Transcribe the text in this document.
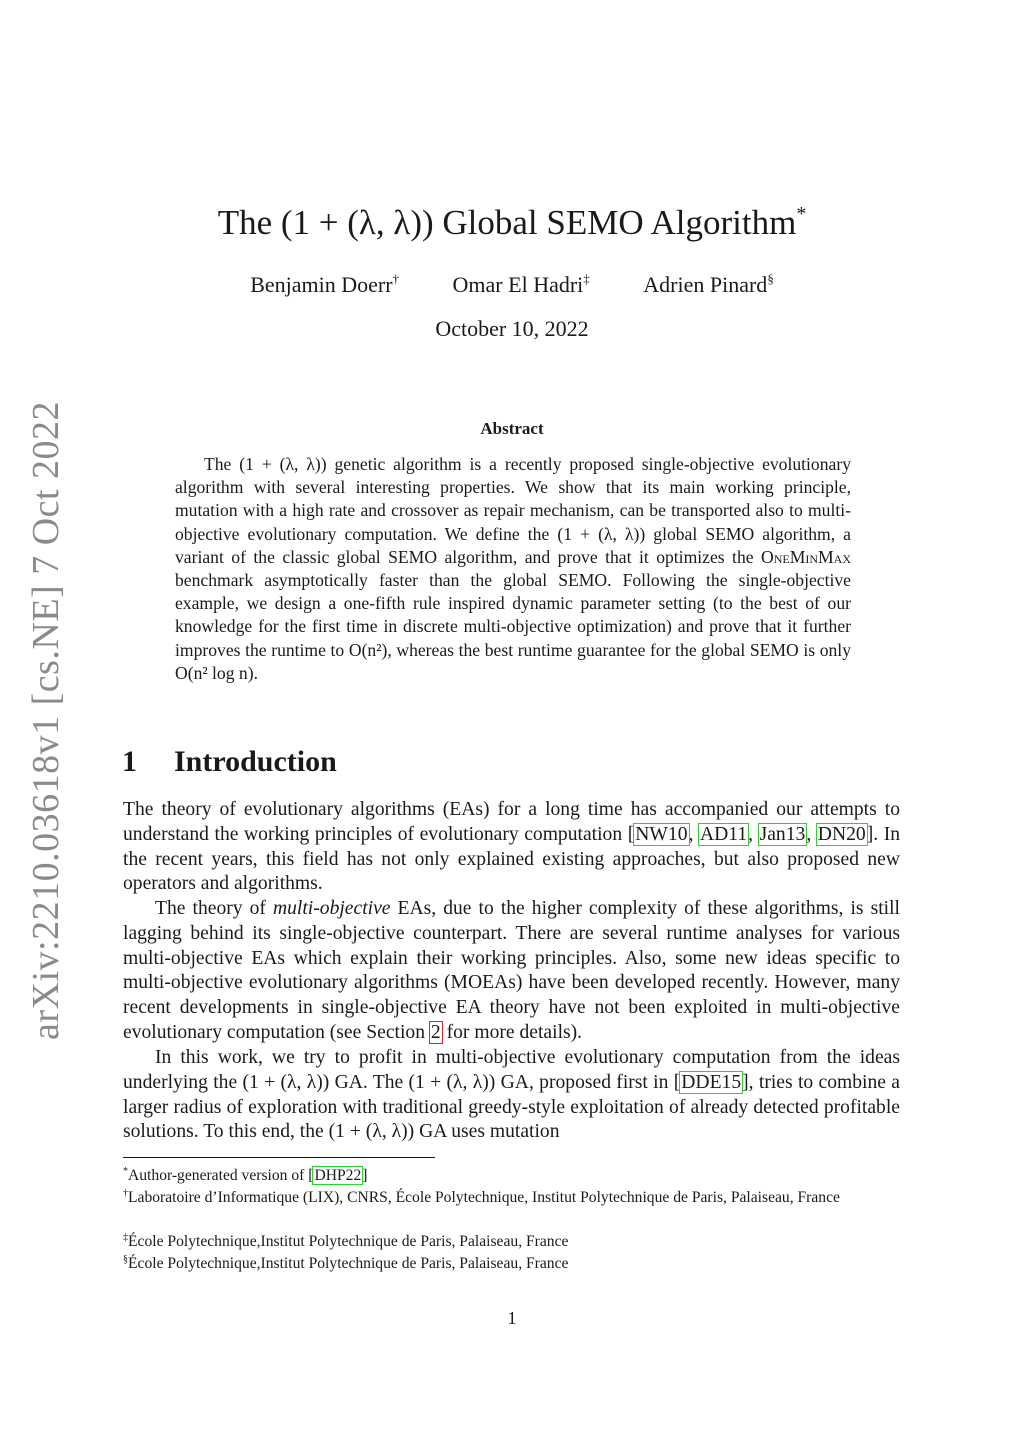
arXiv:2210.03618v1 [cs.NE] 7 Oct 2022
The (1 + (λ, λ)) Global SEMO Algorithm*
Benjamin Doerr† Omar El Hadri‡ Adrien Pinard§
October 10, 2022
Abstract

The (1 + (λ, λ)) genetic algorithm is a recently proposed single-objective evolutionary algorithm with several interesting properties. We show that its main working principle, mutation with a high rate and crossover as repair mechanism, can be transported also to multi-objective evolutionary computation. We define the (1 + (λ, λ)) global SEMO algorithm, a variant of the classic global SEMO algorithm, and prove that it optimizes the OneMinMax benchmark asymptotically faster than the global SEMO. Following the single-objective example, we design a one-fifth rule inspired dynamic parameter setting (to the best of our knowledge for the first time in discrete multi-objective optimization) and prove that it further improves the runtime to O(n²), whereas the best runtime guarantee for the global SEMO is only O(n² log n).

1 Introduction

The theory of evolutionary algorithms (EAs) for a long time has accompanied our attempts to understand the working principles of evolutionary computation [NW10, AD11, Jan13, DN20]. In the recent years, this field has not only explained existing approaches, but also proposed new operators and algorithms.

The theory of multi-objective EAs, due to the higher complexity of these algorithms, is still lagging behind its single-objective counterpart. There are several runtime analyses for various multi-objective EAs which explain their working principles. Also, some new ideas specific to multi-objective evolutionary algorithms (MOEAs) have been developed recently. However, many recent developments in single-objective EA theory have not been exploited in multi-objective evolutionary computation (see Section 2 for more details).

In this work, we try to profit in multi-objective evolutionary computation from the ideas underlying the (1 + (λ, λ)) GA. The (1 + (λ, λ)) GA, proposed first in [DDE15], tries to combine a larger radius of exploration with traditional greedy-style exploitation of already detected profitable solutions. To this end, the (1 + (λ, λ)) GA uses mutation

*Author-generated version of [DHP22]

†Laboratoire d’Informatique (LIX), CNRS, École Polytechnique, Institut Polytechnique de Paris, Palaiseau, France

‡École Polytechnique,Institut Polytechnique de Paris, Palaiseau, France

§École Polytechnique,Institut Polytechnique de Paris, Palaiseau, France

1
